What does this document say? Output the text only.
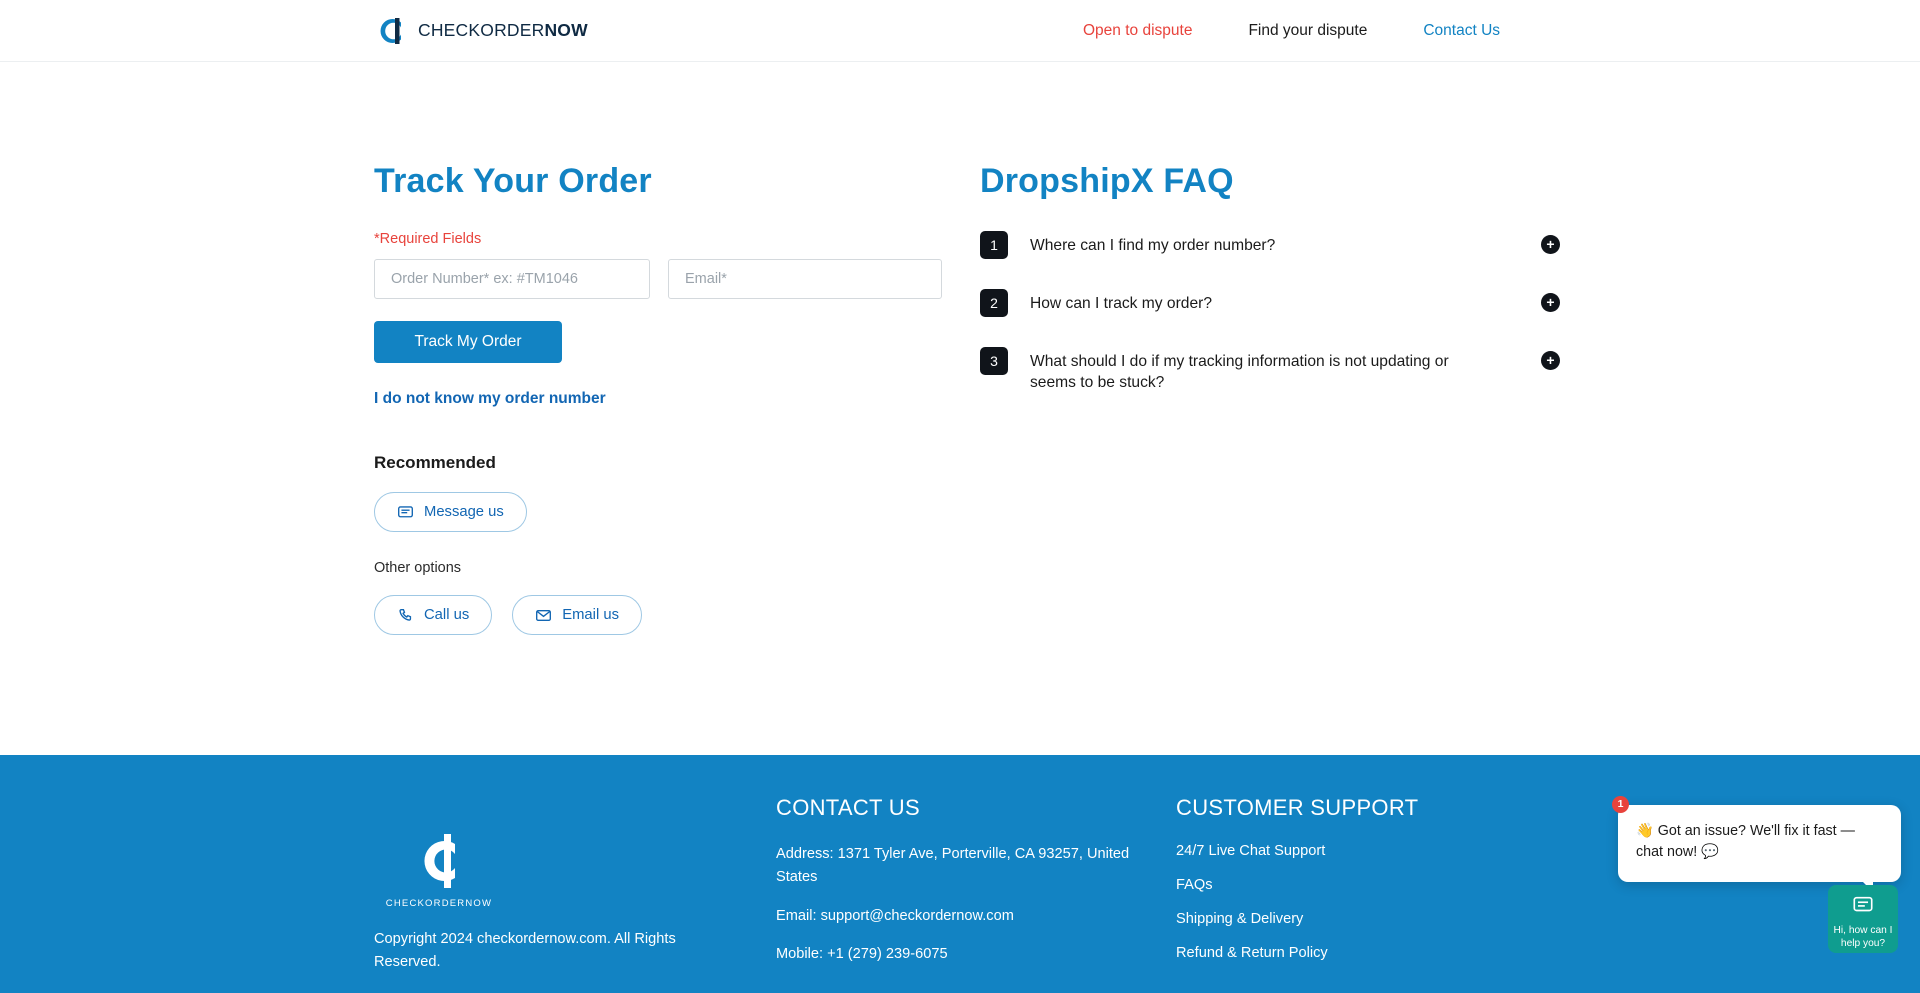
CHECKORDERNOW	Open to dispute	Find your dispute	Contact Us
Track Your Order
*Required Fields
Order Number* ex: #TM1046
Email*
Track My Order
I do not know my order number
Recommended
Message us
Other options
Call us	Email us
DropshipX FAQ
1	Where can I find my order number?	+
2	How can I track my order?	+
3	What should I do if my tracking information is not updating or seems to be stuck?
+
CHECKORDERNOW
CONTACT US
Address: 1371 Tyler Ave, Porterville, CA 93257, United States
Email: support@checkordernow.com
Mobile: +1 (279) 239-6075
CUSTOMER SUPPORT
24/7 Live Chat Support
FAQs
Shipping & Delivery
Refund & Return Policy
Copyright 2024 checkordernow.com. All Rights Reserved.
1
👋 Got an issue? We'll fix it fast — chat now! 💬
Hi, how can I help you?
